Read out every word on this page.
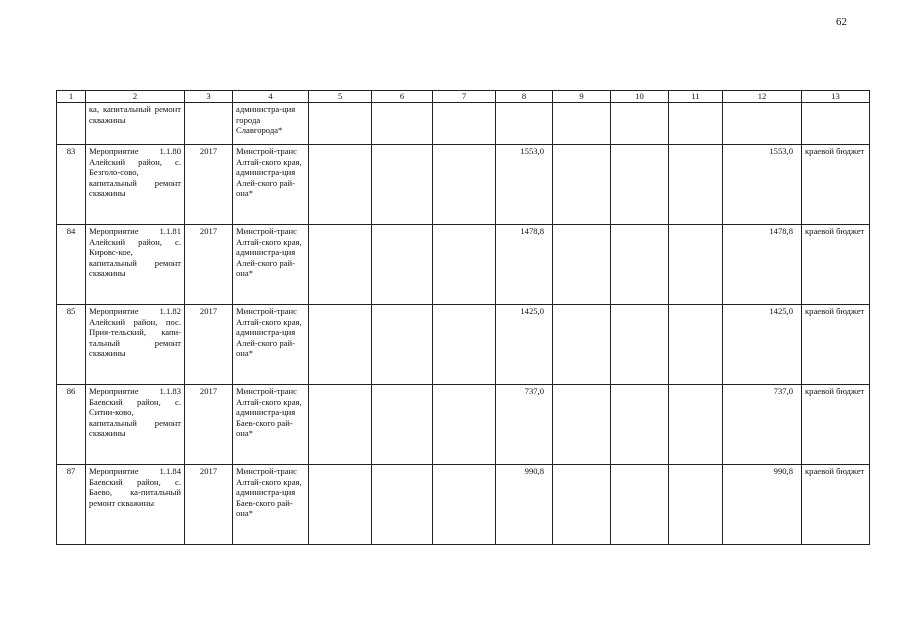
62
1	2	3	4	5	6	7	8	9	10	11	12	13
	ка, капитальный ремонт скважины		администра-ция города Славгорода*									
83	Мероприятие 1.1.80 Алейский район, с. Безголо-сово, капитальный ремонт скважины	2017	Минстрой-транс Алтай-ского края, администра-ция Алей-ского рай-она*				1553,0				1553,0	краевой бюджет
84	Мероприятие 1.1.81 Алейский район, с. Кировс-кое, капитальный ремонт скважины	2017	Минстрой-транс Алтай-ского края, администра-ция Алей-ского рай-она*				1478,8				1478,8	краевой бюджет
85	Мероприятие 1.1.82 Алейский район, пос. Прия-тельский, капи-тальный ремонт скважины	2017	Минстрой-транс Алтай-ского края, администра-ция Алей-ского рай-она*				1425,0				1425,0	краевой бюджет
86	Мероприятие 1.1.83 Баевский район, с. Ситни-ково, капитальный ремонт скважины	2017	Минстрой-транс Алтай-ского края, администра-ция Баев-ского рай-она*				737,0				737,0	краевой бюджет
87	Мероприятие 1.1.84 Баевский район, с. Баево, ка-питальный ремонт скважины	2017	Минстрой-транс Алтай-ского края, администра-ция Баев-ского рай-она*				990,8				990,8	краевой бюджет
